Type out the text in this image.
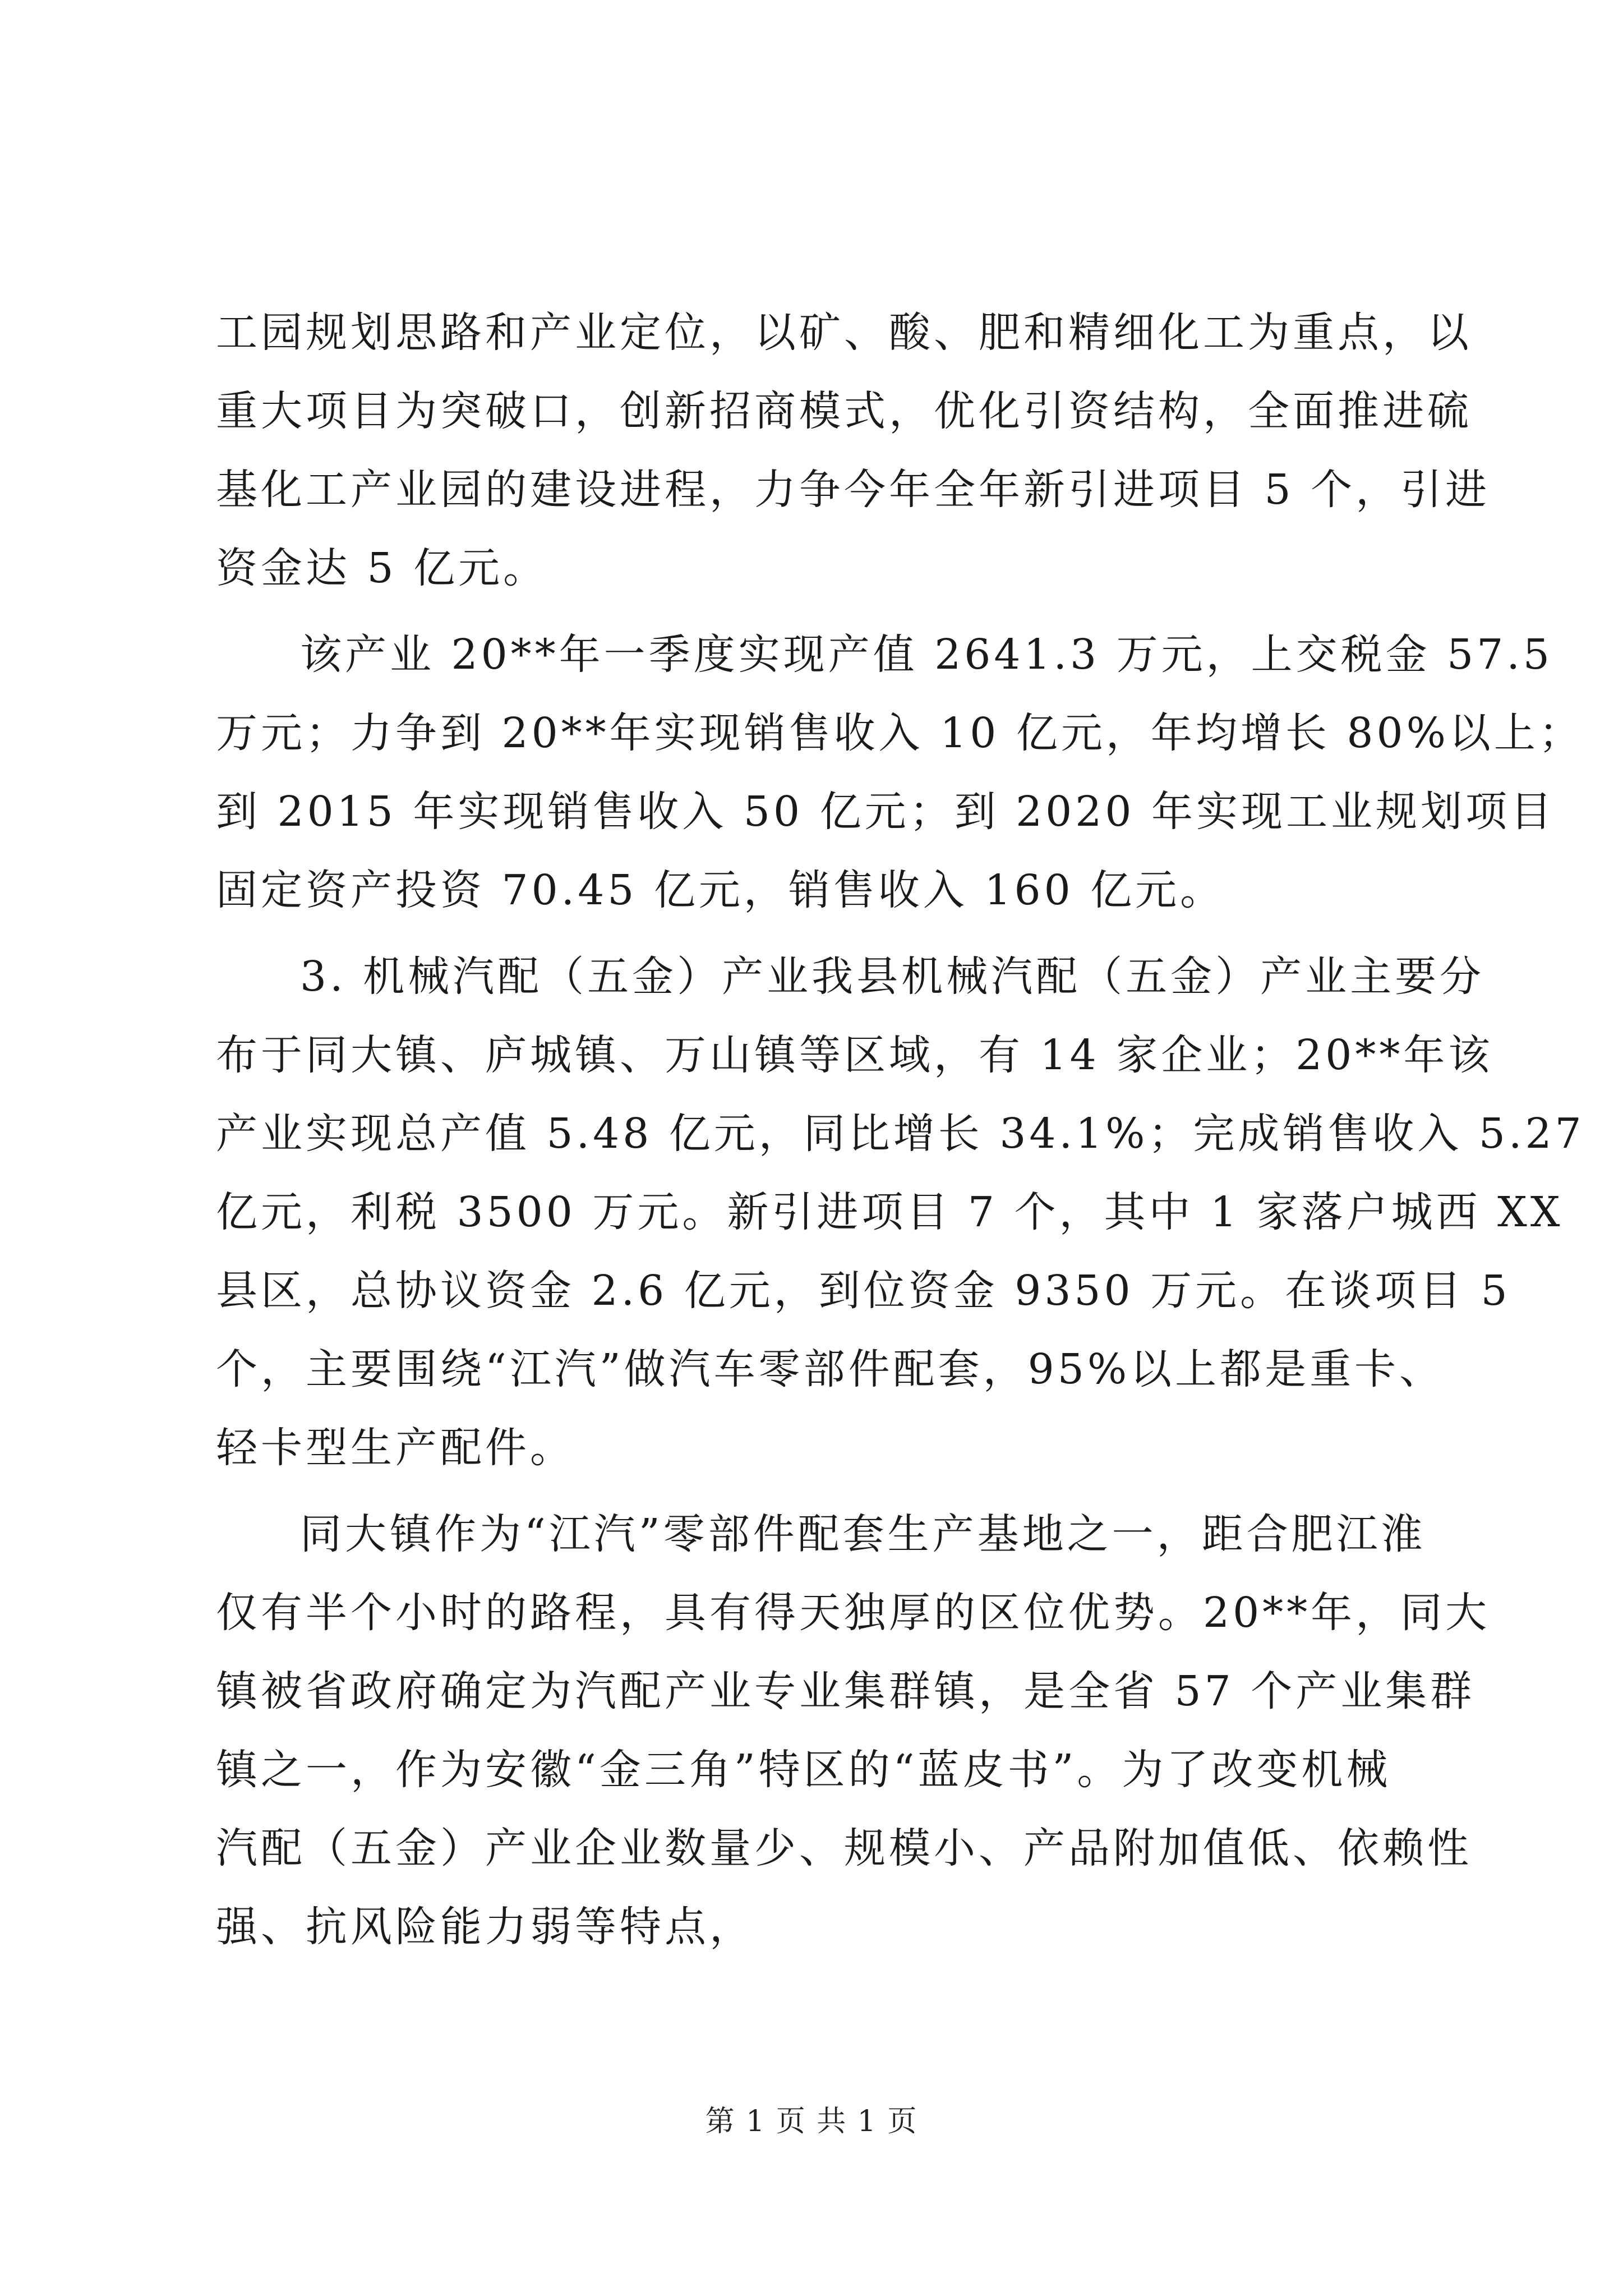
工园规划思路和产业定位，以矿、酸、肥和精细化工为重点，以
重大项目为突破口，创新招商模式，优化引资结构，全面推进硫
基化工产业园的建设进程，力争今年全年新引进项目 5 个，引进
资金达 5 亿元。
该产业 20**年一季度实现产值 2641.3 万元，上交税金 57.5
万元；力争到 20**年实现销售收入 10 亿元，年均增长 80%以上；
到 2015 年实现销售收入 50 亿元；到 2020 年实现工业规划项目
固定资产投资 70.45 亿元，销售收入 160 亿元。
3. 机械汽配（五金）产业我县机械汽配（五金）产业主要分
布于同大镇、庐城镇、万山镇等区域，有 14 家企业；20**年该
产业实现总产值 5.48 亿元，同比增长 34.1%；完成销售收入 5.27
亿元，利税 3500 万元。新引进项目 7 个，其中 1 家落户城西 XX
县区，总协议资金 2.6 亿元，到位资金 9350 万元。在谈项目 5
个，主要围绕“江汽”做汽车零部件配套，95%以上都是重卡、
轻卡型生产配件。
同大镇作为“江汽”零部件配套生产基地之一，距合肥江淮
仅有半个小时的路程，具有得天独厚的区位优势。20**年，同大
镇被省政府确定为汽配产业专业集群镇，是全省 57 个产业集群
镇之一，作为安徽“金三角”特区的“蓝皮书”。为了改变机械
汽配（五金）产业企业数量少、规模小、产品附加值低、依赖性
强、抗风险能力弱等特点，
第 1 页 共 1 页
